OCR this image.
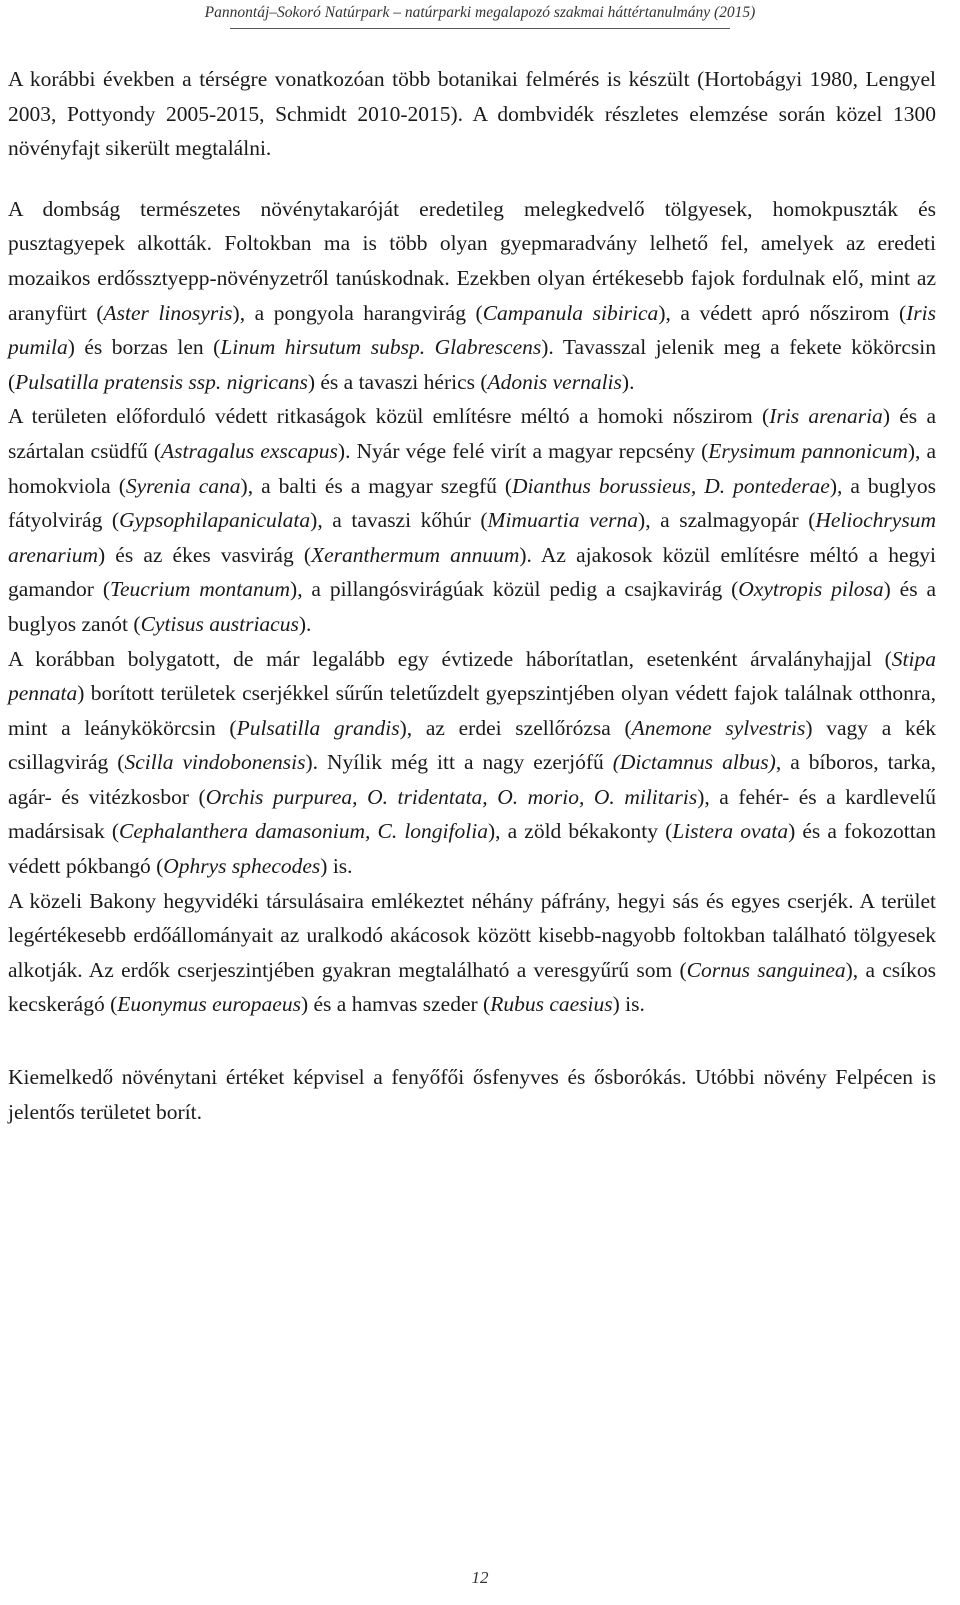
Pannontáj–Sokoró Natúrpark – natúrparki megalapozó szakmai háttértanulmány (2015)

A korábbi években a térségre vonatkozóan több botanikai felmérés is készült (Hortobágyi 1980, Lengyel 2003, Pottyondy 2005-2015, Schmidt 2010-2015). A dombvidék részletes elemzése során közel 1300 növényfajt sikerült megtalálni.

A dombság természetes növénytakaróját eredetileg melegkedvelő tölgyesek, homokpuszták és pusztagyepek alkották. Foltokban ma is több olyan gyepmaradvány lelhető fel, amelyek az eredeti mozaikos erdőssztyepp-növényzetről tanúskodnak. Ezekben olyan értékesebb fajok fordulnak elő, mint az aranyfürt (Aster linosyris), a pongyola harangvirág (Campanula sibirica), a védett apró nőszirom (Iris pumila) és borzas len (Linum hirsutum subsp. Glabrescens). Tavasszal jelenik meg a fekete kökörcsin (Pulsatilla pratensis ssp. nigricans) és a tavaszi hérics (Adonis vernalis).

A területen előforduló védett ritkaságok közül említésre méltó a homoki nőszirom (Iris arenaria) és a szártalan csüdfű (Astragalus exscapus). Nyár vége felé virít a magyar repcsény (Erysimum pannonicum), a homokviola (Syrenia cana), a balti és a magyar szegfű (Dianthus borussieus, D. pontederae), a buglyos fátyolvirág (Gypsophilapaniculata), a tavaszi kőhúr (Mimuartia verna), a szalmagyopár (Heliochrysum arenarium) és az ékes vasvirág (Xeranthermum annuum). Az ajakosok közül említésre méltó a hegyi gamandor (Teucrium montanum), a pillangósvirágúak közül pedig a csajkavirág (Oxytropis pilosa) és a buglyos zanót (Cytisus austriacus).

A korábban bolygatott, de már legalább egy évtizede háborítatlan, esetenként árvalányhajjal (Stipa pennata) borított területek cserjékkel sűrűn teletűzdelt gyepszintjében olyan védett fajok találnak otthonra, mint a leánykökörcsin (Pulsatilla grandis), az erdei szellőrózsa (Anemone sylvestris) vagy a kék csillagvirág (Scilla vindobonensis). Nyílik még itt a nagy ezerjófű (Dictamnus albus), a bíboros, tarka, agár- és vitézkosbor (Orchis purpurea, O. tridentata, O. morio, O. militaris), a fehér- és a kardlevelű madársisak (Cephalanthera damasonium, C. longifolia), a zöld békakonty (Listera ovata) és a fokozottan védett pókbangó (Ophrys sphecodes) is.

A közeli Bakony hegyvidéki társulásaira emlékeztet néhány páfrány, hegyi sás és egyes cserjék. A terület legértékesebb erdőállományait az uralkodó akácosok között kisebb-nagyobb foltokban található tölgyesek alkotják. Az erdők cserjeszintjében gyakran megtalálható a veresgyűrű som (Cornus sanguinea), a csíkos kecskerágó (Euonymus europaeus) és a hamvas szeder (Rubus caesius) is.

Kiemelkedő növénytani értéket képvisel a fenyőfői ősfenyves és ősborókás. Utóbbi növény Felpécen is jelentős területet borít.

12
